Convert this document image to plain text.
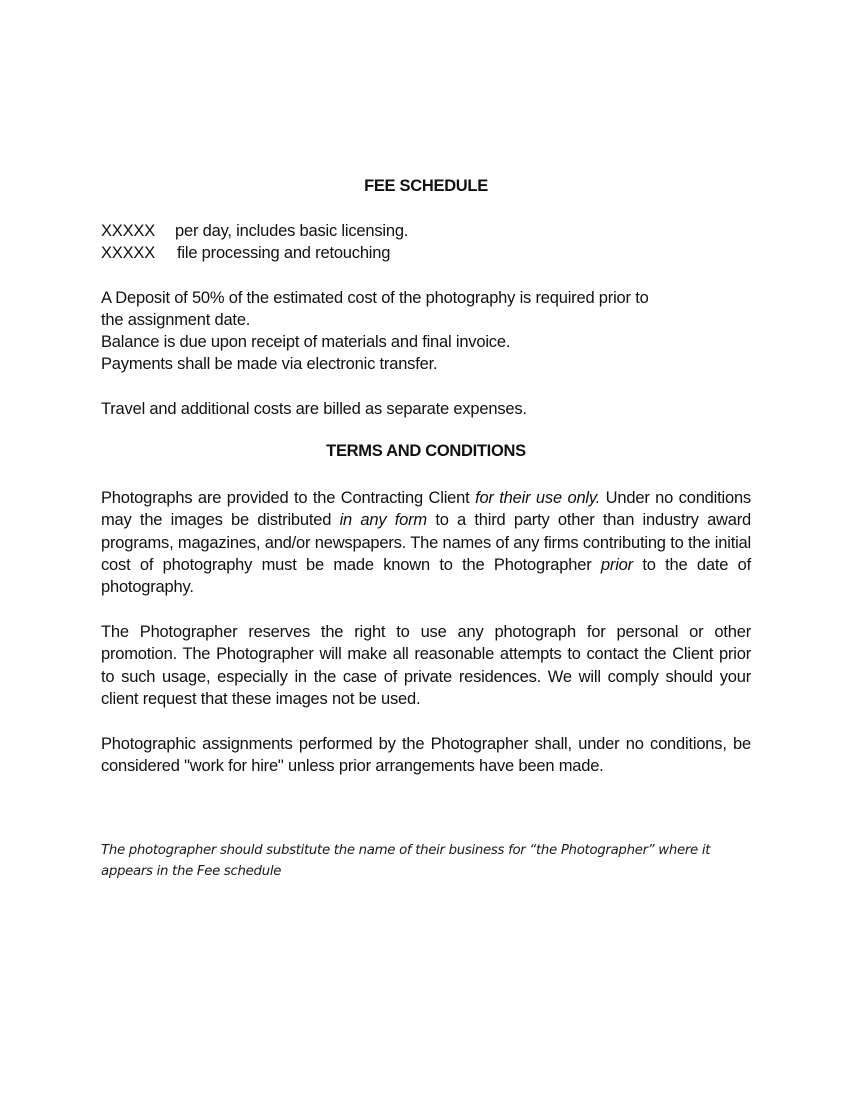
FEE SCHEDULE
XXXXX per day, includes basic licensing.
XXXXX file processing and retouching
A Deposit of 50% of the estimated cost of the photography is required prior to
the assignment date.
Balance is due upon receipt of materials and final invoice.
Payments shall be made via electronic transfer.
Travel and additional costs are billed as separate expenses.
TERMS AND CONDITIONS
Photographs are provided to the Contracting Client for their use only. Under no conditions may the images be distributed in any form to a third party other than industry award programs, magazines, and/or newspapers. The names of any firms contributing to the initial cost of photography must be made known to the Photographer prior to the date of photography.
The Photographer reserves the right to use any photograph for personal or other promotion. The Photographer will make all reasonable attempts to contact the Client prior to such usage, especially in the case of private residences. We will comply should your client request that these images not be used.
Photographic assignments performed by the Photographer shall, under no conditions, be considered "work for hire" unless prior arrangements have been made.
The photographer should substitute the name of their business for “the Photographer” where it appears in the Fee schedule
